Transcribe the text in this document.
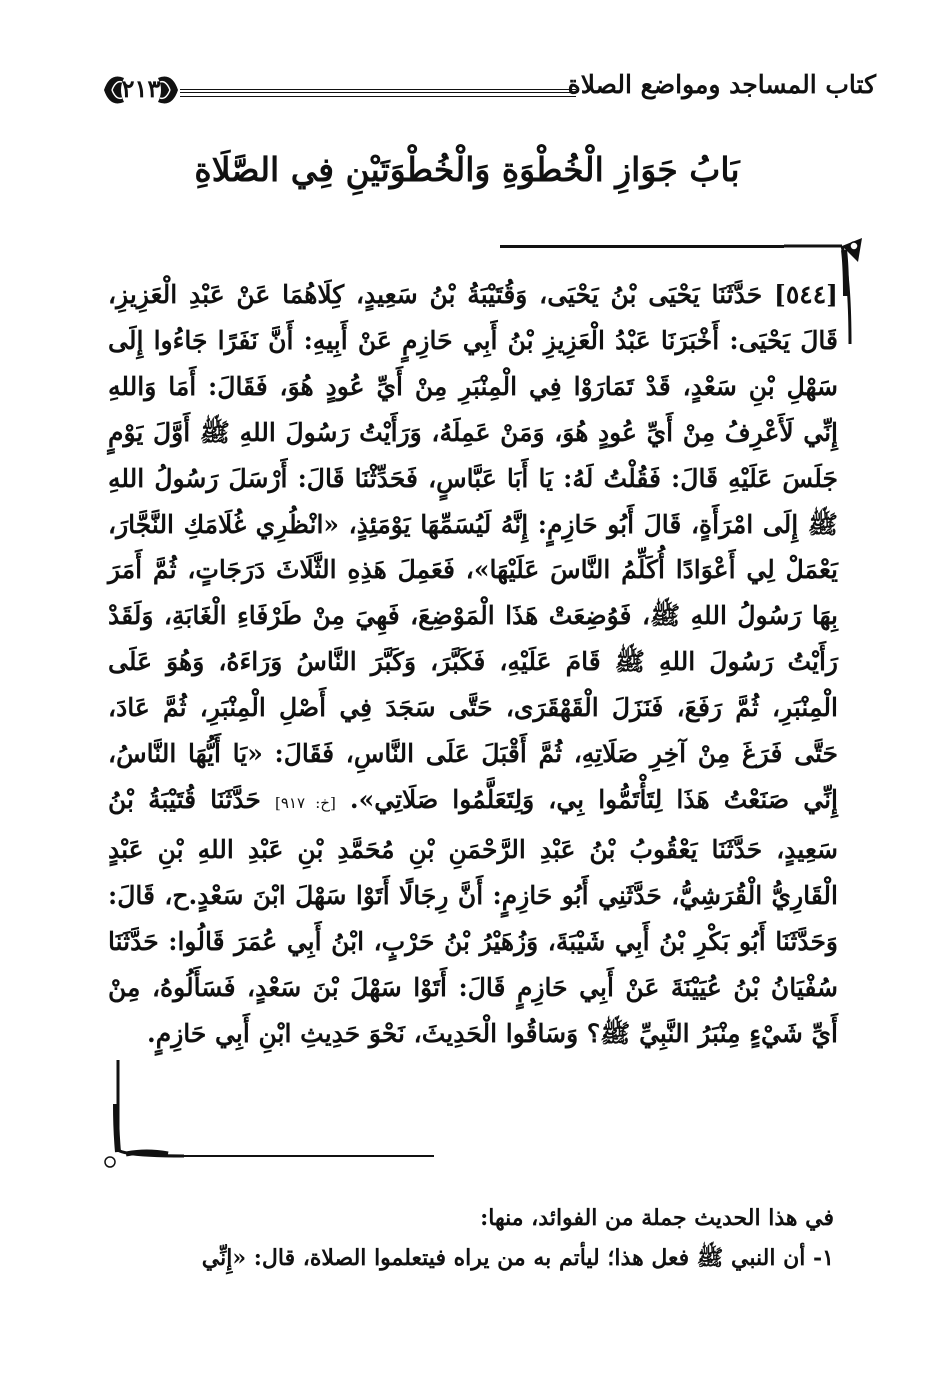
كتاب المساجد ومواضع الصلاة
٢١٣
بَابُ جَوَازِ الْخُطْوَةِ وَالْخُطْوَتَيْنِ فِي الصَّلَاةِ
[٥٤٤] حَدَّثَنَا يَحْيَى بْنُ يَحْيَى، وَقُتَيْبَةُ بْنُ سَعِيدٍ، كِلَاهُمَا عَنْ عَبْدِ الْعَزِيزِ، قَالَ يَحْيَى: أَخْبَرَنَا عَبْدُ الْعَزِيزِ بْنُ أَبِي حَازِمٍ عَنْ أَبِيهِ: أَنَّ نَفَرًا جَاءُوا إِلَى سَهْلِ بْنِ سَعْدٍ، قَدْ تَمَارَوْا فِي الْمِنْبَرِ مِنْ أَيِّ عُودٍ هُوَ، فَقَالَ: أَمَا وَاللهِ إِنِّي لَأَعْرِفُ مِنْ أَيِّ عُودٍ هُوَ، وَمَنْ عَمِلَهُ، وَرَأَيْتُ رَسُولَ اللهِ ﷺ أَوَّلَ يَوْمٍ جَلَسَ عَلَيْهِ قَالَ: فَقُلْتُ لَهُ: يَا أَبَا عَبَّاسٍ، فَحَدِّثْنَا قَالَ: أَرْسَلَ رَسُولُ اللهِ ﷺ إِلَى امْرَأَةٍ، قَالَ أَبُو حَازِمٍ: إِنَّهُ لَيُسَمِّهَا يَوْمَئِذٍ، «انْظُرِي غُلَامَكِ النَّجَّارَ، يَعْمَلْ لِي أَعْوَادًا أُكَلِّمُ النَّاسَ عَلَيْهَا»، فَعَمِلَ هَذِهِ الثَّلَاثَ دَرَجَاتٍ، ثُمَّ أَمَرَ بِهَا رَسُولُ اللهِ ﷺ، فَوُضِعَتْ هَذَا الْمَوْضِعَ، فَهِيَ مِنْ طَرْفَاءِ الْغَابَةِ، وَلَقَدْ رَأَيْتُ رَسُولَ اللهِ ﷺ قَامَ عَلَيْهِ، فَكَبَّرَ، وَكَبَّرَ النَّاسُ وَرَاءَهُ، وَهُوَ عَلَى الْمِنْبَرِ، ثُمَّ رَفَعَ، فَنَزَلَ الْقَهْقَرَى، حَتَّى سَجَدَ فِي أَصْلِ الْمِنْبَرِ، ثُمَّ عَادَ، حَتَّى فَرَغَ مِنْ آخِرِ صَلَاتِهِ، ثُمَّ أَقْبَلَ عَلَى النَّاسِ، فَقَالَ: «يَا أَيُّهَا النَّاسُ، إِنِّي صَنَعْتُ هَذَا لِتَأْتَمُّوا بِي، وَلِتَعَلَّمُوا صَلَاتِي». [خ: ٩١٧] حَدَّثَنَا قُتَيْبَةُ بْنُ سَعِيدٍ، حَدَّثَنَا يَعْقُوبُ بْنُ عَبْدِ الرَّحْمَنِ بْنِ مُحَمَّدِ بْنِ عَبْدِ اللهِ بْنِ عَبْدٍ الْقَارِيُّ الْقُرَشِيُّ، حَدَّثَنِي أَبُو حَازِمٍ: أَنَّ رِجَالًا أَتَوْا سَهْلَ ابْنَ سَعْدٍ.ح، قَالَ: وَحَدَّثَنَا أَبُو بَكْرِ بْنُ أَبِي شَيْبَةَ، وَزُهَيْرُ بْنُ حَرْبٍ، ابْنُ أَبِي عُمَرَ قَالُوا: حَدَّثَنَا سُفْيَانُ بْنُ عُيَيْنَةَ عَنْ أَبِي حَازِمٍ قَالَ: أَتَوْا سَهْلَ بْنَ سَعْدٍ، فَسَأَلُوهُ، مِنْ أَيِّ شَيْءٍ مِنْبَرُ النَّبِيِّ ﷺ؟ وَسَاقُوا الْحَدِيثَ، نَحْوَ حَدِيثِ ابْنِ أَبِي حَازِمٍ.
في هذا الحديث جملة من الفوائد، منها:
١- أن النبي ﷺ فعل هذا؛ ليأتم به من يراه فيتعلموا الصلاة، قال: «إِنِّي
